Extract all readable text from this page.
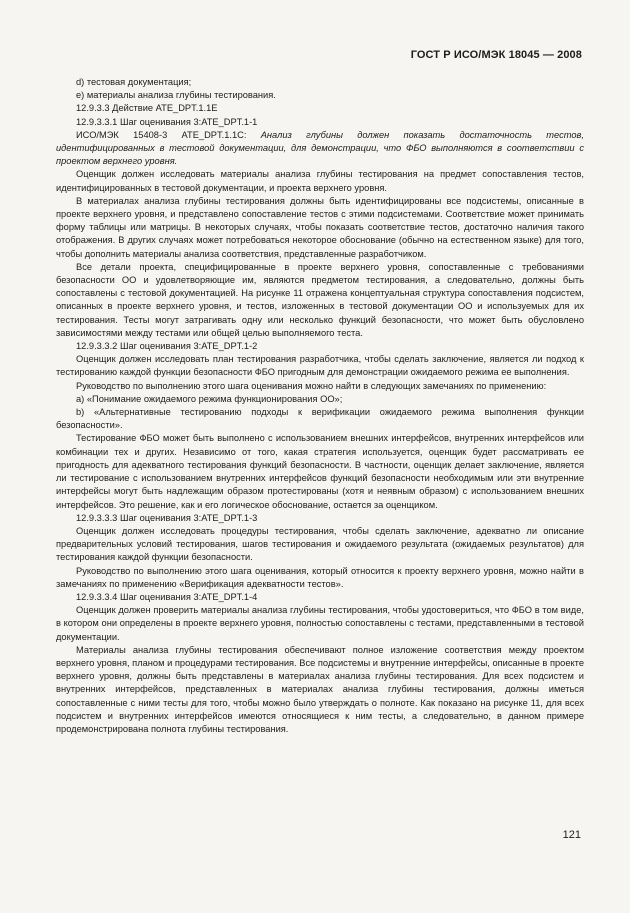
ГОСТ Р ИСО/МЭК 18045 — 2008

d) тестовая документация;

е) материалы анализа глубины тестирования.

12.9.3.3 Действие ATE_DPT.1.1E

12.9.3.3.1 Шаг оценивания 3:ATE_DPT.1-1

ИСО/МЭК 15408-3 ATE_DPT.1.1С: Анализ глубины должен показать достаточность тестов, идентифицированных в тестовой документации, для демонстрации, что ФБО выполняются в соответствии с проектом верхнего уровня.

Оценщик должен исследовать материалы анализа глубины тестирования на предмет сопоставления тестов, идентифицированных в тестовой документации, и проекта верхнего уровня.

В материалах анализа глубины тестирования должны быть идентифицированы все подсистемы, описанные в проекте верхнего уровня, и представлено сопоставление тестов с этими подсистемами. Соответствие может принимать форму таблицы или матрицы. В некоторых случаях, чтобы показать соответствие тестов, достаточно наличия такого отображения. В других случаях может потребоваться некоторое обоснование (обычно на естественном языке) для того, чтобы дополнить материалы анализа соответствия, представленные разработчиком.

Все детали проекта, специфицированные в проекте верхнего уровня, сопоставленные с требованиями безопасности ОО и удовлетворяющие им, являются предметом тестирования, а следовательно, должны быть сопоставлены с тестовой документацией. На рисунке 11 отражена концептуальная структура сопоставления подсистем, описанных в проекте верхнего уровня, и тестов, изложенных в тестовой документации ОО и используемых для их тестирования. Тесты могут затрагивать одну или несколько функций безопасности, что может быть обусловлено зависимостями между тестами или общей целью выполняемого теста.

12.9.3.3.2 Шаг оценивания 3:ATE_DPT.1-2

Оценщик должен исследовать план тестирования разработчика, чтобы сделать заключение, является ли подход к тестированию каждой функции безопасности ФБО пригодным для демонстрации ожидаемого режима ее выполнения.

Руководство по выполнению этого шага оценивания можно найти в следующих замечаниях по применению:

а) «Понимание ожидаемого режима функционирования ОО»;

b) «Альтернативные тестированию подходы к верификации ожидаемого режима выполнения функции безопасности».

Тестирование ФБО может быть выполнено с использованием внешних интерфейсов, внутренних интерфейсов или комбинации тех и других. Независимо от того, какая стратегия используется, оценщик будет рассматривать ее пригодность для адекватного тестирования функций безопасности. В частности, оценщик делает заключение, является ли тестирование с использованием внутренних интерфейсов функций безопасности необходимым или эти внутренние интерфейсы могут быть надлежащим образом протестированы (хотя и неявным образом) с использованием внешних интерфейсов. Это решение, как и его логическое обоснование, остается за оценщиком.

12.9.3.3.3 Шаг оценивания 3:ATE_DPT.1-3

Оценщик должен исследовать процедуры тестирования, чтобы сделать заключение, адекватно ли описание предварительных условий тестирования, шагов тестирования и ожидаемого результата (ожидаемых результатов) для тестирования каждой функции безопасности.

Руководство по выполнению этого шага оценивания, который относится к проекту верхнего уровня, можно найти в замечаниях по применению «Верификация адекватности тестов».

12.9.3.3.4 Шаг оценивания 3:ATE_DPT.1-4

Оценщик должен проверить материалы анализа глубины тестирования, чтобы удостовериться, что ФБО в том виде, в котором они определены в проекте верхнего уровня, полностью сопоставлены с тестами, представленными в тестовой документации.

Материалы анализа глубины тестирования обеспечивают полное изложение соответствия между проектом верхнего уровня, планом и процедурами тестирования. Все подсистемы и внутренние интерфейсы, описанные в проекте верхнего уровня, должны быть представлены в материалах анализа глубины тестирования. Для всех подсистем и внутренних интерфейсов, представленных в материалах анализа глубины тестирования, должны иметься сопоставленные с ними тесты для того, чтобы можно было утверждать о полноте. Как показано на рисунке 11, для всех подсистем и внутренних интерфейсов имеются относящиеся к ним тесты, а следовательно, в данном примере продемонстрирована полнота глубины тестирования.

121
